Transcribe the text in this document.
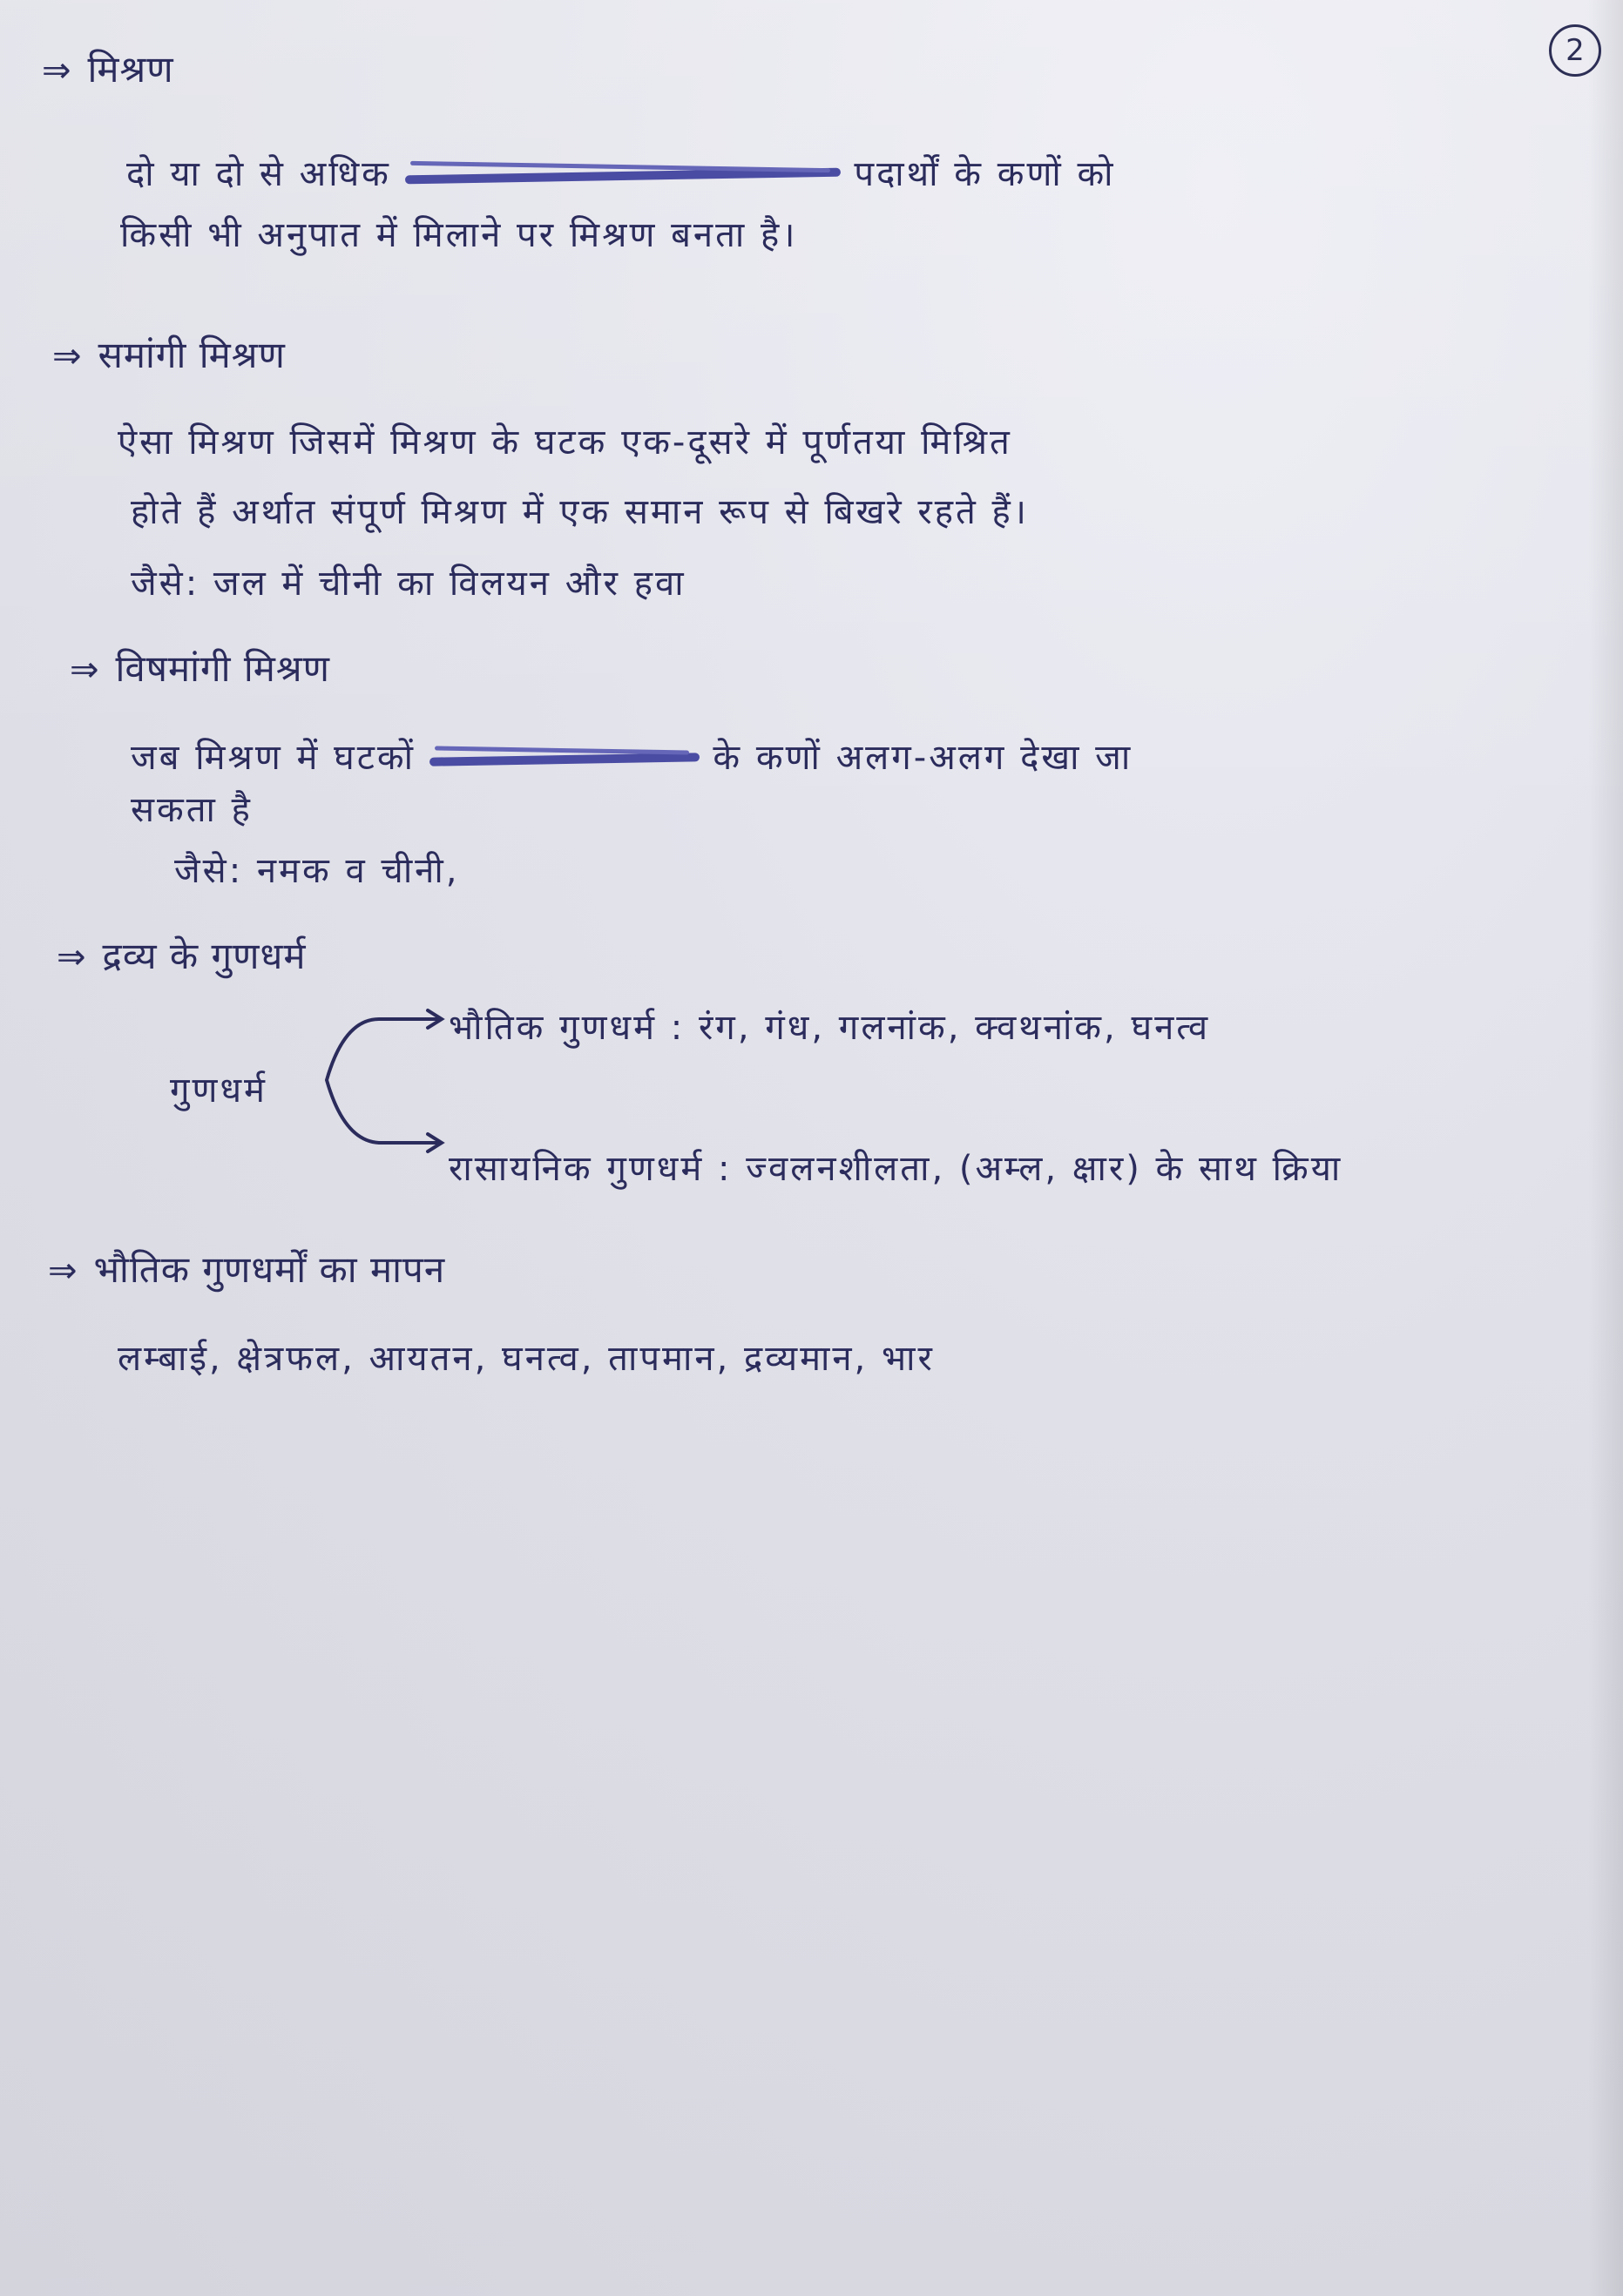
2
⇒ मिश्रण
दो या दो से अधिक	पदार्थों के कणों को
किसी भी अनुपात में मिलाने पर मिश्रण बनता है।
⇒ समांगी मिश्रण
ऐसा मिश्रण जिसमें मिश्रण के घटक एक-दूसरे में पूर्णतया मिश्रित
होते हैं अर्थात संपूर्ण मिश्रण में एक समान रूप से बिखरे रहते हैं।
जैसे: जल में चीनी का विलयन और हवा
⇒ विषमांगी मिश्रण
जब मिश्रण में घटकों	के कणों अलग-अलग देखा जा
सकता है
जैसे: नमक व चीनी,
⇒ द्रव्य के गुणधर्म
गुणधर्म
भौतिक गुणधर्म : रंग, गंध, गलनांक, क्वथनांक, घनत्व
रासायनिक गुणधर्म : ज्वलनशीलता, (अम्ल, क्षार) के साथ क्रिया
⇒ भौतिक गुणधर्मों का मापन
लम्बाई, क्षेत्रफल, आयतन, घनत्व, तापमान, द्रव्यमान, भार
